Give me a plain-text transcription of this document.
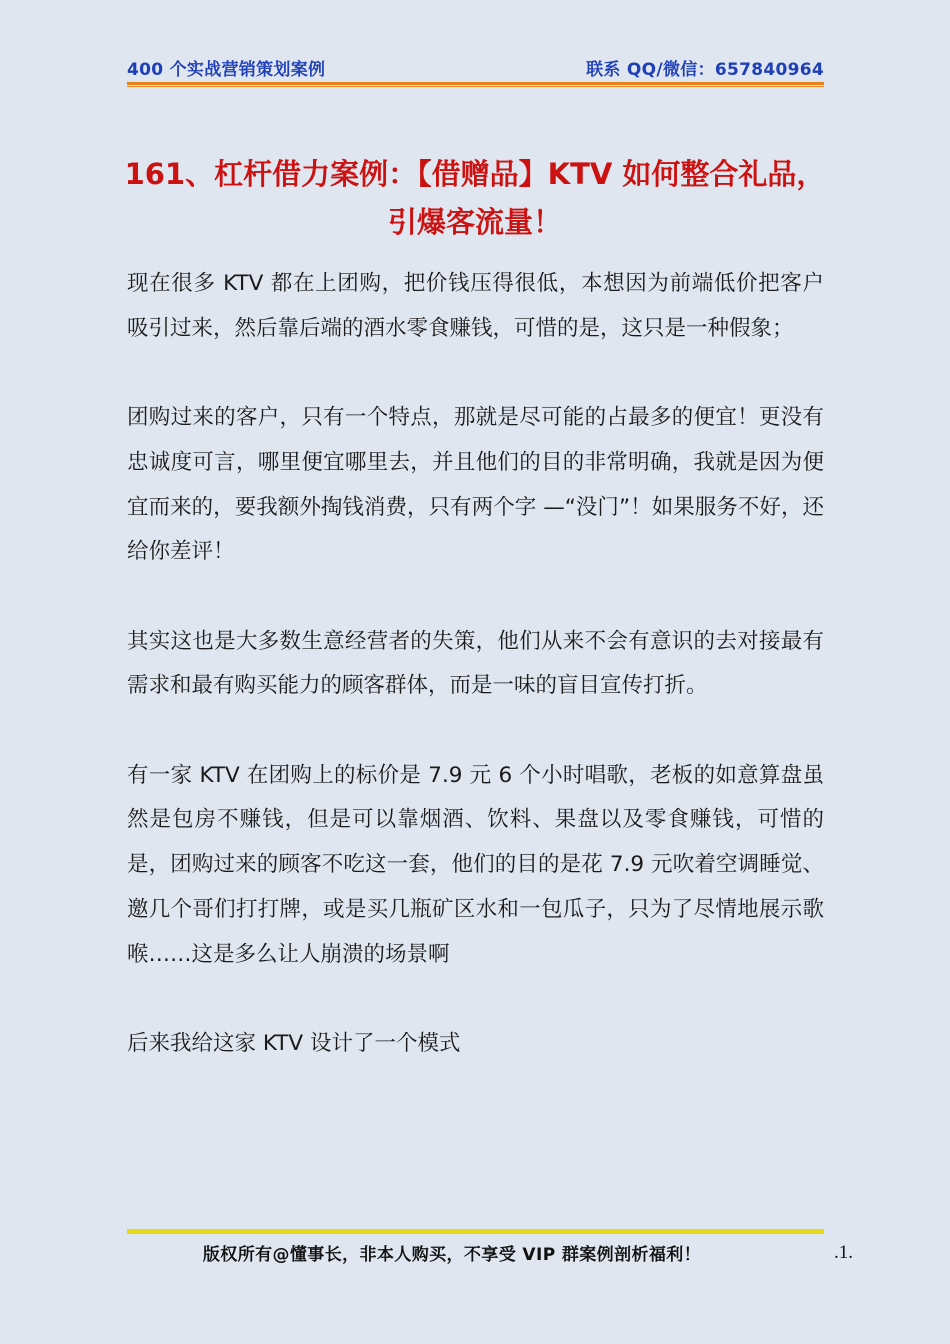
400 个实战营销策划案例	联系 QQ/微信：657840964
161、杠杆借力案例：【借赠品】KTV 如何整合礼品，引爆客流量！

现在很多 KTV 都在上团购，把价钱压得很低，本想因为前端低价把客户吸引过来，然后靠后端的酒水零食赚钱，可惜的是，这只是一种假象；

团购过来的客户，只有一个特点，那就是尽可能的占最多的便宜！更没有忠诚度可言，哪里便宜哪里去，并且他们的目的非常明确，我就是因为便宜而来的，要我额外掏钱消费，只有两个字 —“没门”！如果服务不好，还给你差评！

其实这也是大多数生意经营者的失策，他们从来不会有意识的去对接最有需求和最有购买能力的顾客群体，而是一味的盲目宣传打折。

有一家 KTV 在团购上的标价是 7.9 元 6 个小时唱歌，老板的如意算盘虽然是包房不赚钱，但是可以靠烟酒、饮料、果盘以及零食赚钱，可惜的是，团购过来的顾客不吃这一套，他们的目的是花 7.9 元吹着空调睡觉、邀几个哥们打打牌，或是买几瓶矿区水和一包瓜子，只为了尽情地展示歌喉……这是多么让人崩溃的场景啊

后来我给这家 KTV 设计了一个模式

版权所有@懂事长，非本人购买，不享受 VIP 群案例剖析福利！	.1.
